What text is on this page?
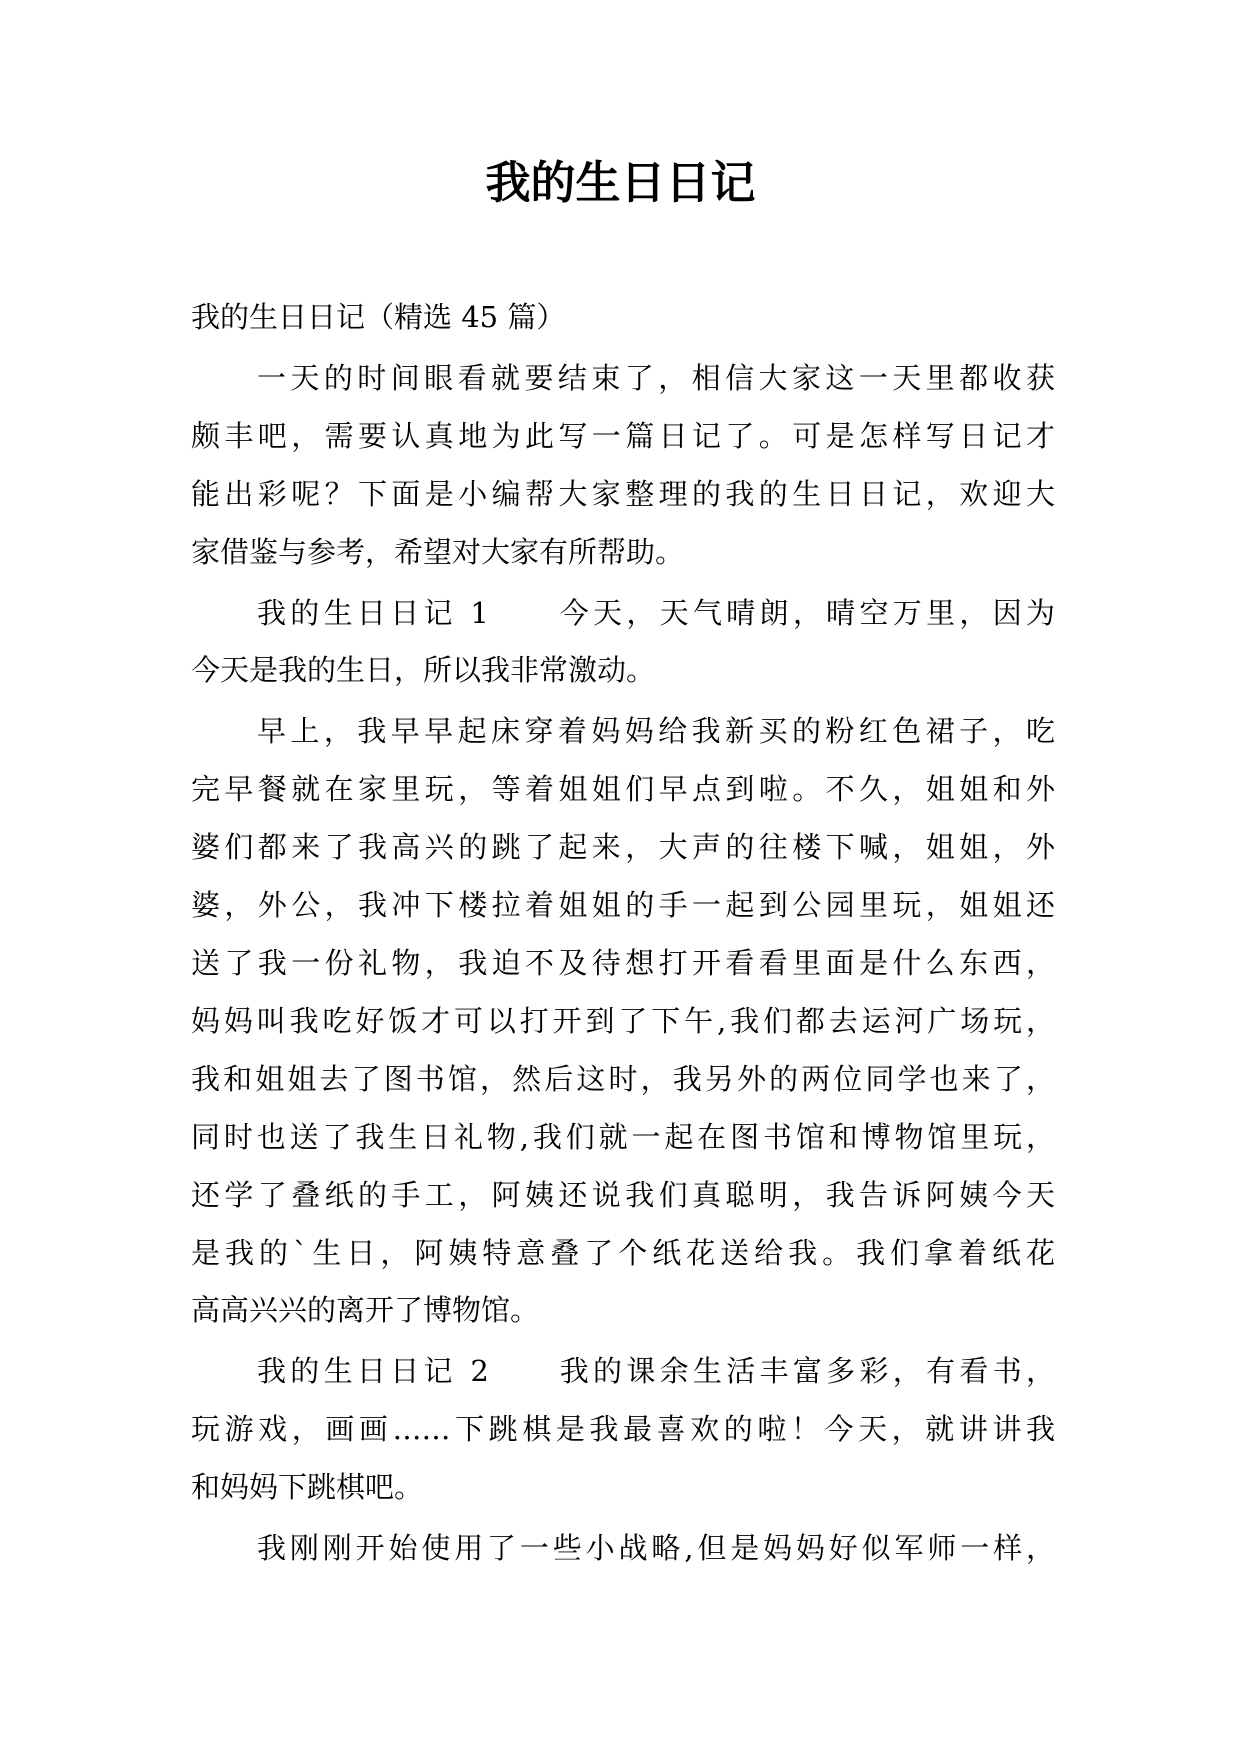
我的生日日记
我的生日日记（精选 45 篇）
一天的时间眼看就要结束了，相信大家这一天里都收获
颇丰吧，需要认真地为此写一篇日记了。可是怎样写日记才
能出彩呢？下面是小编帮大家整理的我的生日日记，欢迎大
家借鉴与参考，希望对大家有所帮助。
我的生日日记 1　　今天，天气晴朗，晴空万里，因为
今天是我的生日，所以我非常激动。
早上，我早早起床穿着妈妈给我新买的粉红色裙子，吃
完早餐就在家里玩，等着姐姐们早点到啦。不久，姐姐和外
婆们都来了我高兴的跳了起来，大声的往楼下喊，姐姐，外
婆，外公，我冲下楼拉着姐姐的手一起到公园里玩，姐姐还
送了我一份礼物，我迫不及待想打开看看里面是什么东西，
妈妈叫我吃好饭才可以打开到了下午,我们都去运河广场玩，
我和姐姐去了图书馆，然后这时，我另外的两位同学也来了，
同时也送了我生日礼物,我们就一起在图书馆和博物馆里玩，
还学了叠纸的手工，阿姨还说我们真聪明，我告诉阿姨今天
是我的`生日，阿姨特意叠了个纸花送给我。我们拿着纸花
高高兴兴的离开了博物馆。
我的生日日记 2　　我的课余生活丰富多彩，有看书，
玩游戏，画画……下跳棋是我最喜欢的啦！今天，就讲讲我
和妈妈下跳棋吧。
我刚刚开始使用了一些小战略,但是妈妈好似军师一样，
